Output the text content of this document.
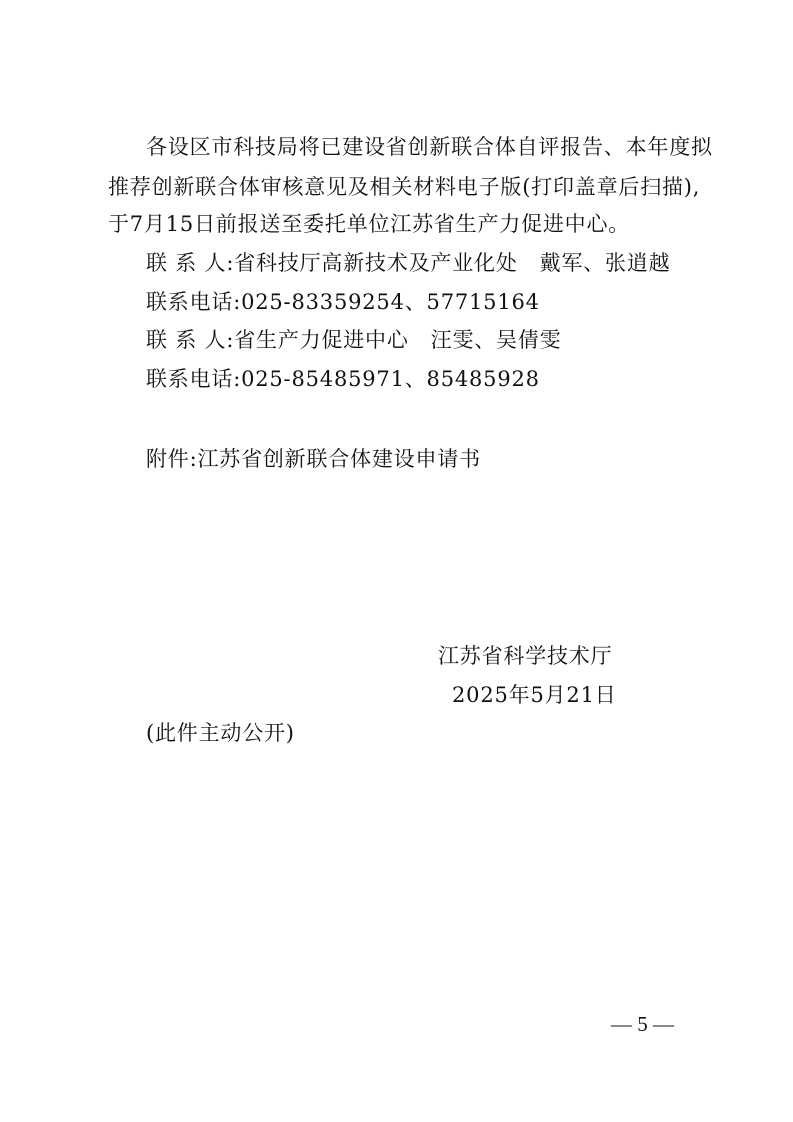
各设区市科技局将已建设省创新联合体自评报告、本年度拟
推荐创新联合体审核意见及相关材料电子版(打印盖章后扫描),
于7月15日前报送至委托单位江苏省生产力促进中心。
联 系 人:省科技厅高新技术及产业化处 戴军、张逍越
联系电话:025-83359254、57715164
联 系 人:省生产力促进中心 汪雯、吴倩雯
联系电话:025-85485971、85485928
附件:江苏省创新联合体建设申请书
江苏省科学技术厅
2025年5月21日
(此件主动公开)
— 5 —
